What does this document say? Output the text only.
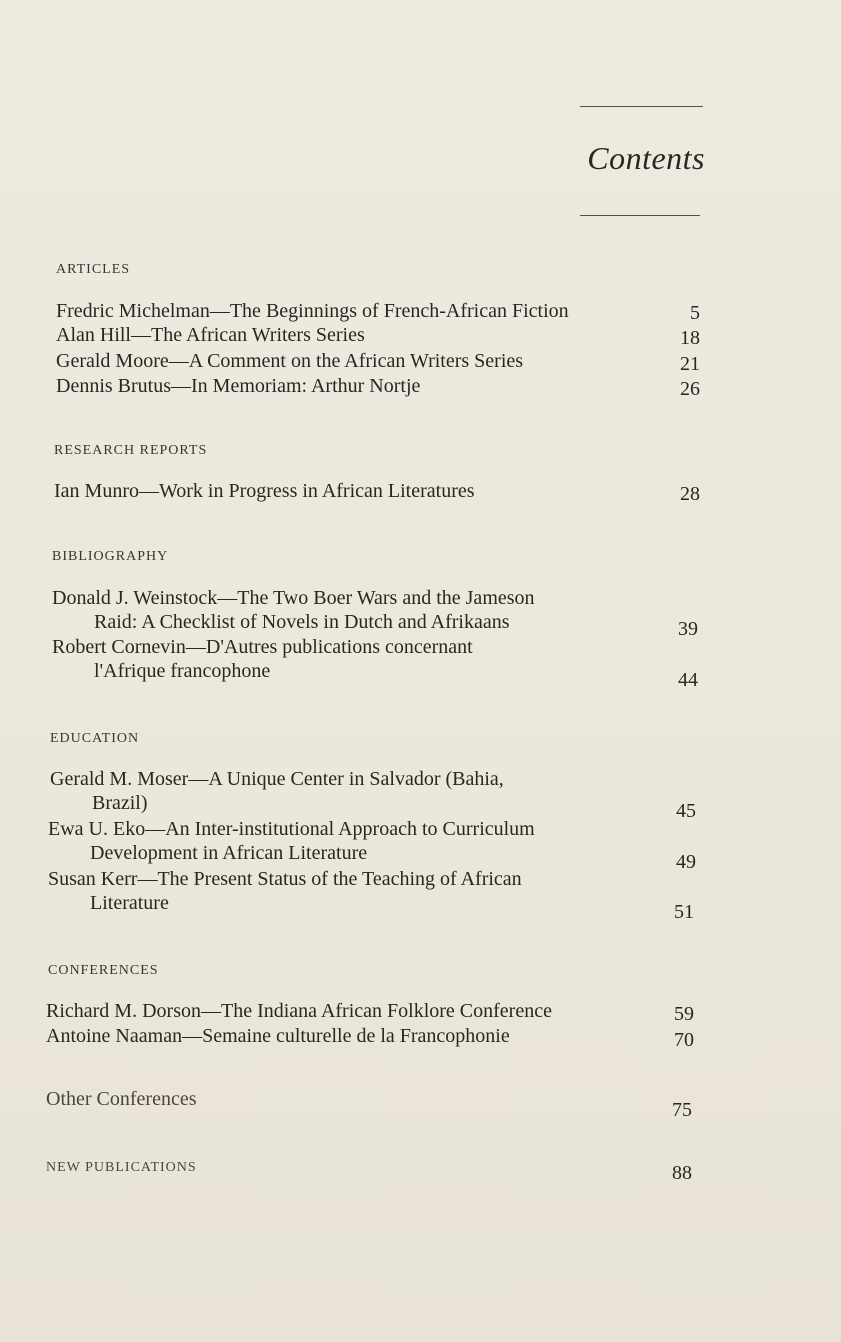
Contents
ARTICLES
Fredric Michelman—The Beginnings of French-African Fiction	5
Alan Hill—The African Writers Series	18
Gerald Moore—A Comment on the African Writers Series	21
Dennis Brutus—In Memoriam: Arthur Nortje	26
RESEARCH REPORTS
Ian Munro—Work in Progress in African Literatures	28
BIBLIOGRAPHY
Donald J. Weinstock—The Two Boer Wars and the Jameson
Raid: A Checklist of Novels in Dutch and Afrikaans	39
Robert Cornevin—D'Autres publications concernant
l'Afrique francophone	44
EDUCATION
Gerald M. Moser—A Unique Center in Salvador (Bahia,
Brazil)	45
Ewa U. Eko—An Inter-institutional Approach to Curriculum
Development in African Literature	49
Susan Kerr—The Present Status of the Teaching of African
Literature	51
CONFERENCES
Richard M. Dorson—The Indiana African Folklore Conference	59
Antoine Naaman—Semaine culturelle de la Francophonie	70
Other Conferences	75
NEW PUBLICATIONS	88
